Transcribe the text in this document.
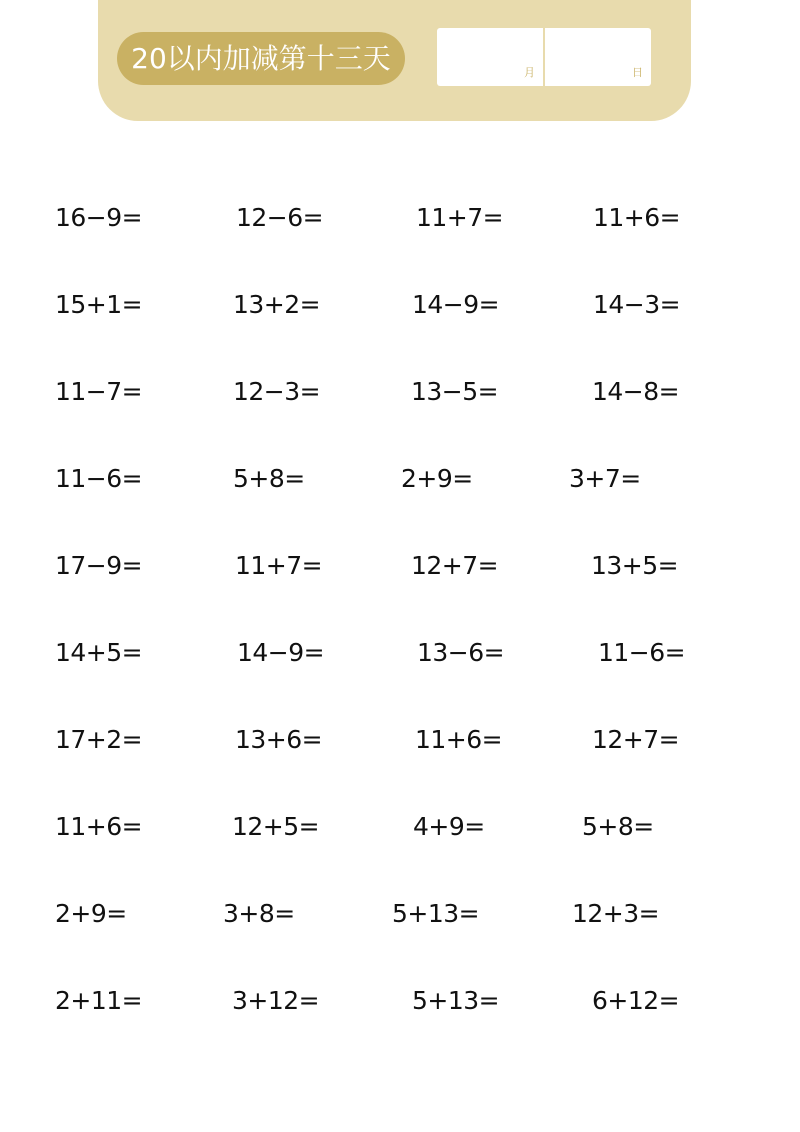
20以内加减第十三天	月	日
16−9=	12−6=	11+7=	11+6=
15+1=	13+2=	14−9=	14−3=
11−7=	12−3=	13−5=	14−8=
11−6=	5+8=	2+9=	3+7=
17−9=	11+7=	12+7=	13+5=
14+5=	14−9=	13−6=	11−6=
17+2=	13+6=	11+6=	12+7=
11+6=	12+5=	4+9=	5+8=
2+9=	3+8=	5+13=	12+3=
2+11=	3+12=	5+13=	6+12=
